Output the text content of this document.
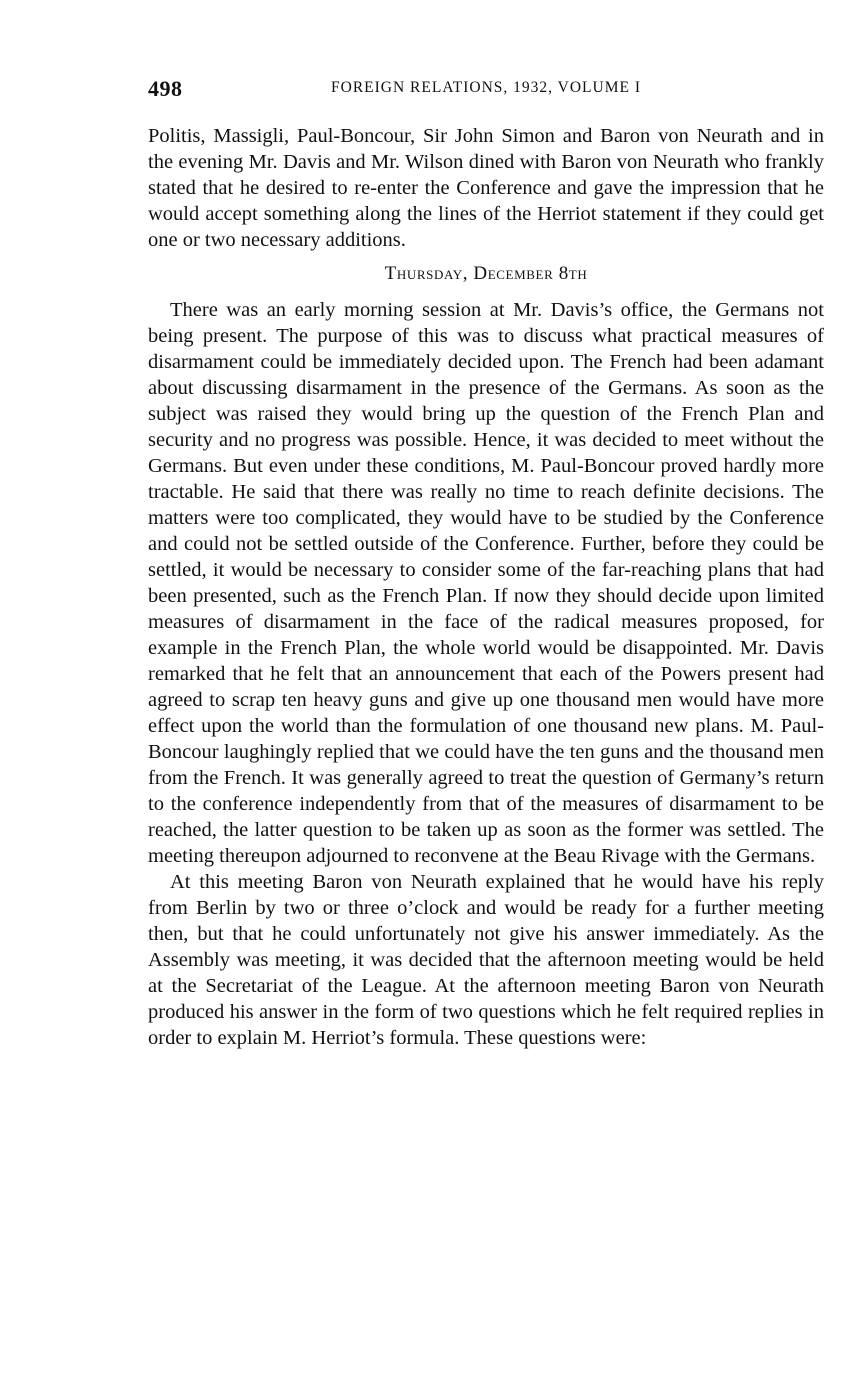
498	FOREIGN RELATIONS, 1932, VOLUME I

Politis, Massigli, Paul-Boncour, Sir John Simon and Baron von Neurath and in the evening Mr. Davis and Mr. Wilson dined with Baron von Neurath who frankly stated that he desired to re-enter the Conference and gave the impression that he would accept something along the lines of the Herriot statement if they could get one or two necessary additions.

Thursday, December 8th

There was an early morning session at Mr. Davis’s office, the Germans not being present. The purpose of this was to discuss what practical measures of disarmament could be immediately decided upon. The French had been adamant about discussing disarmament in the presence of the Germans. As soon as the subject was raised they would bring up the question of the French Plan and security and no progress was possible. Hence, it was decided to meet without the Germans. But even under these conditions, M. Paul-Boncour proved hardly more tractable. He said that there was really no time to reach definite decisions. The matters were too complicated, they would have to be studied by the Conference and could not be settled outside of the Conference. Further, before they could be settled, it would be necessary to consider some of the far-reaching plans that had been presented, such as the French Plan. If now they should decide upon limited measures of disarmament in the face of the radical measures proposed, for example in the French Plan, the whole world would be disappointed. Mr. Davis remarked that he felt that an announcement that each of the Powers present had agreed to scrap ten heavy guns and give up one thousand men would have more effect upon the world than the formulation of one thousand new plans. M. Paul-Boncour laughingly replied that we could have the ten guns and the thousand men from the French. It was generally agreed to treat the question of Germany’s return to the conference independently from that of the measures of disarmament to be reached, the latter question to be taken up as soon as the former was settled. The meeting thereupon adjourned to reconvene at the Beau Rivage with the Germans.

At this meeting Baron von Neurath explained that he would have his reply from Berlin by two or three o’clock and would be ready for a further meeting then, but that he could unfortunately not give his answer immediately. As the Assembly was meeting, it was decided that the afternoon meeting would be held at the Secretariat of the League. At the afternoon meeting Baron von Neurath produced his answer in the form of two questions which he felt required replies in order to explain M. Herriot’s formula. These questions were:
